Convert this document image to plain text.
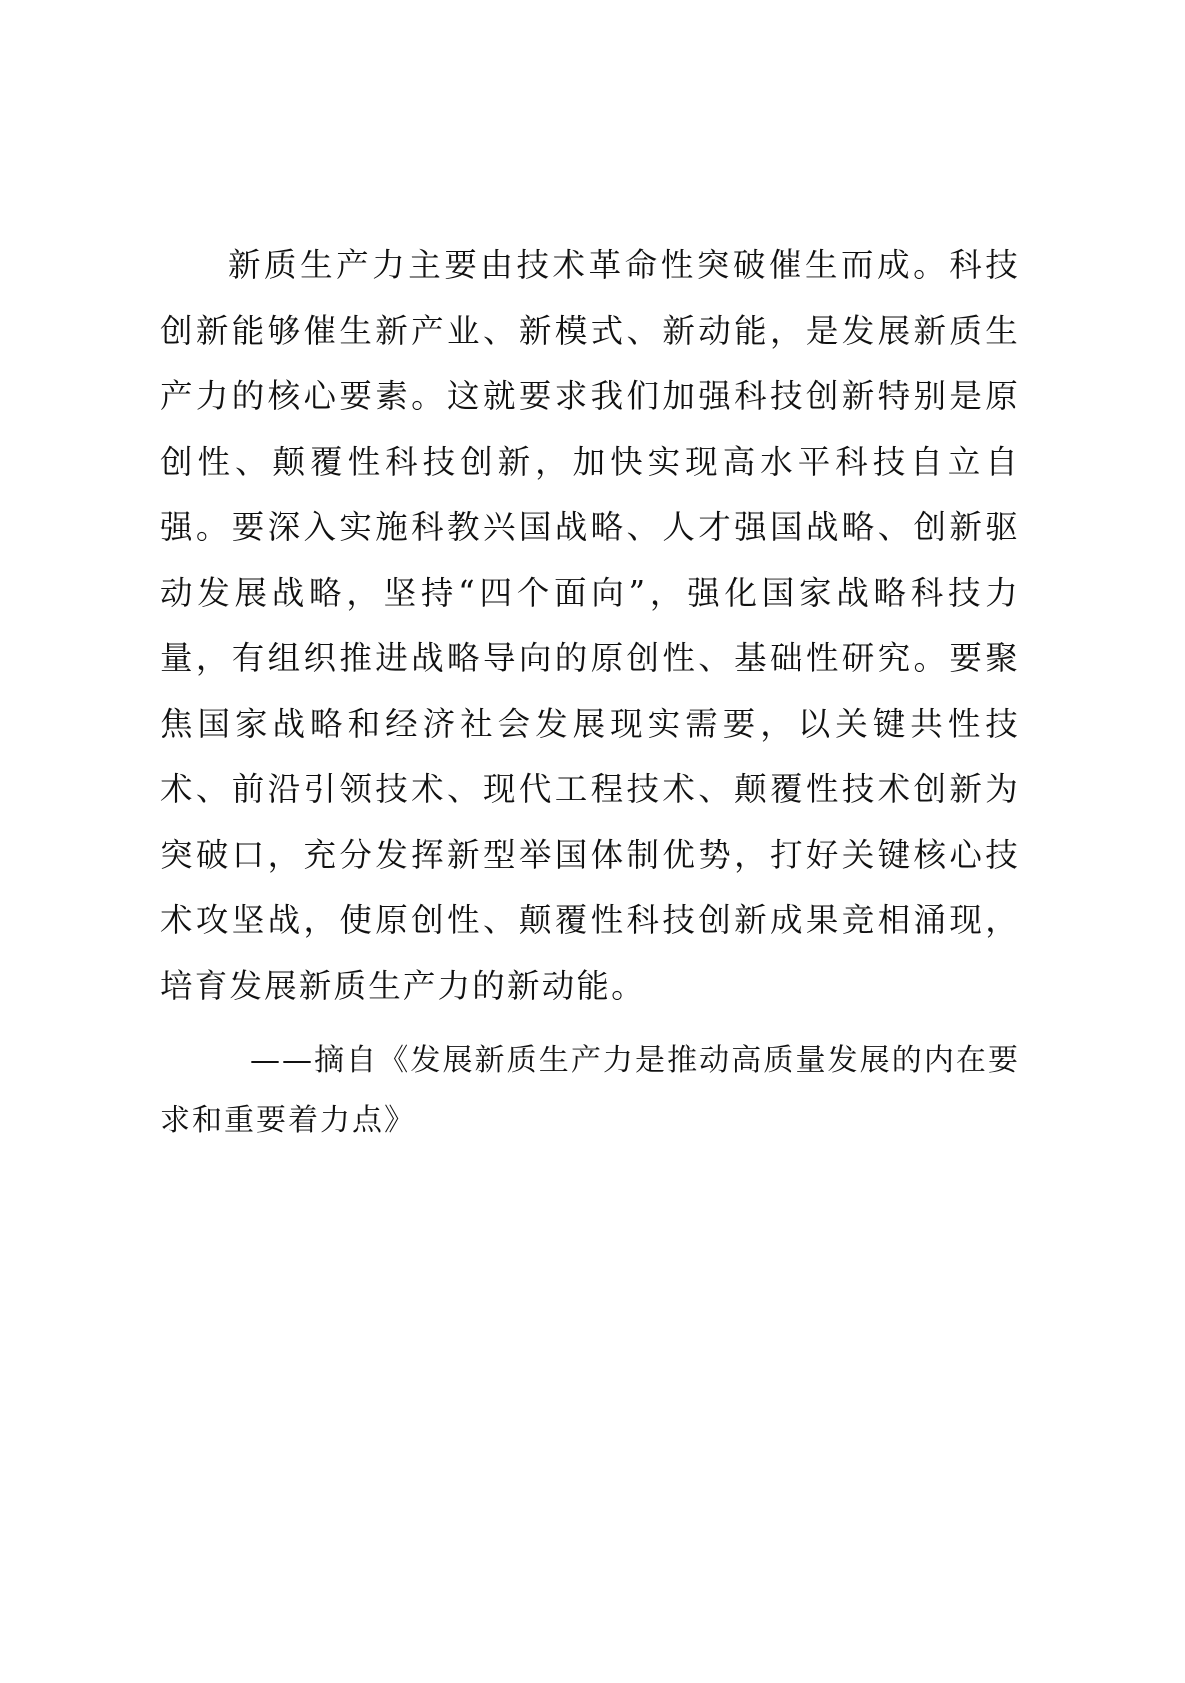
新质生产力主要由技术革命性突破催生而成。科技创新能够催生新产业、新模式、新动能，是发展新质生产力的核心要素。这就要求我们加强科技创新特别是原创性、颠覆性科技创新，加快实现高水平科技自立自强。要深入实施科教兴国战略、人才强国战略、创新驱动发展战略，坚持“四个面向”，强化国家战略科技力量，有组织推进战略导向的原创性、基础性研究。要聚焦国家战略和经济社会发展现实需要，以关键共性技术、前沿引领技术、现代工程技术、颠覆性技术创新为突破口，充分发挥新型举国体制优势，打好关键核心技术攻坚战，使原创性、颠覆性科技创新成果竞相涌现，培育发展新质生产力的新动能。

——摘自《发展新质生产力是推动高质量发展的内在要求和重要着力点》
